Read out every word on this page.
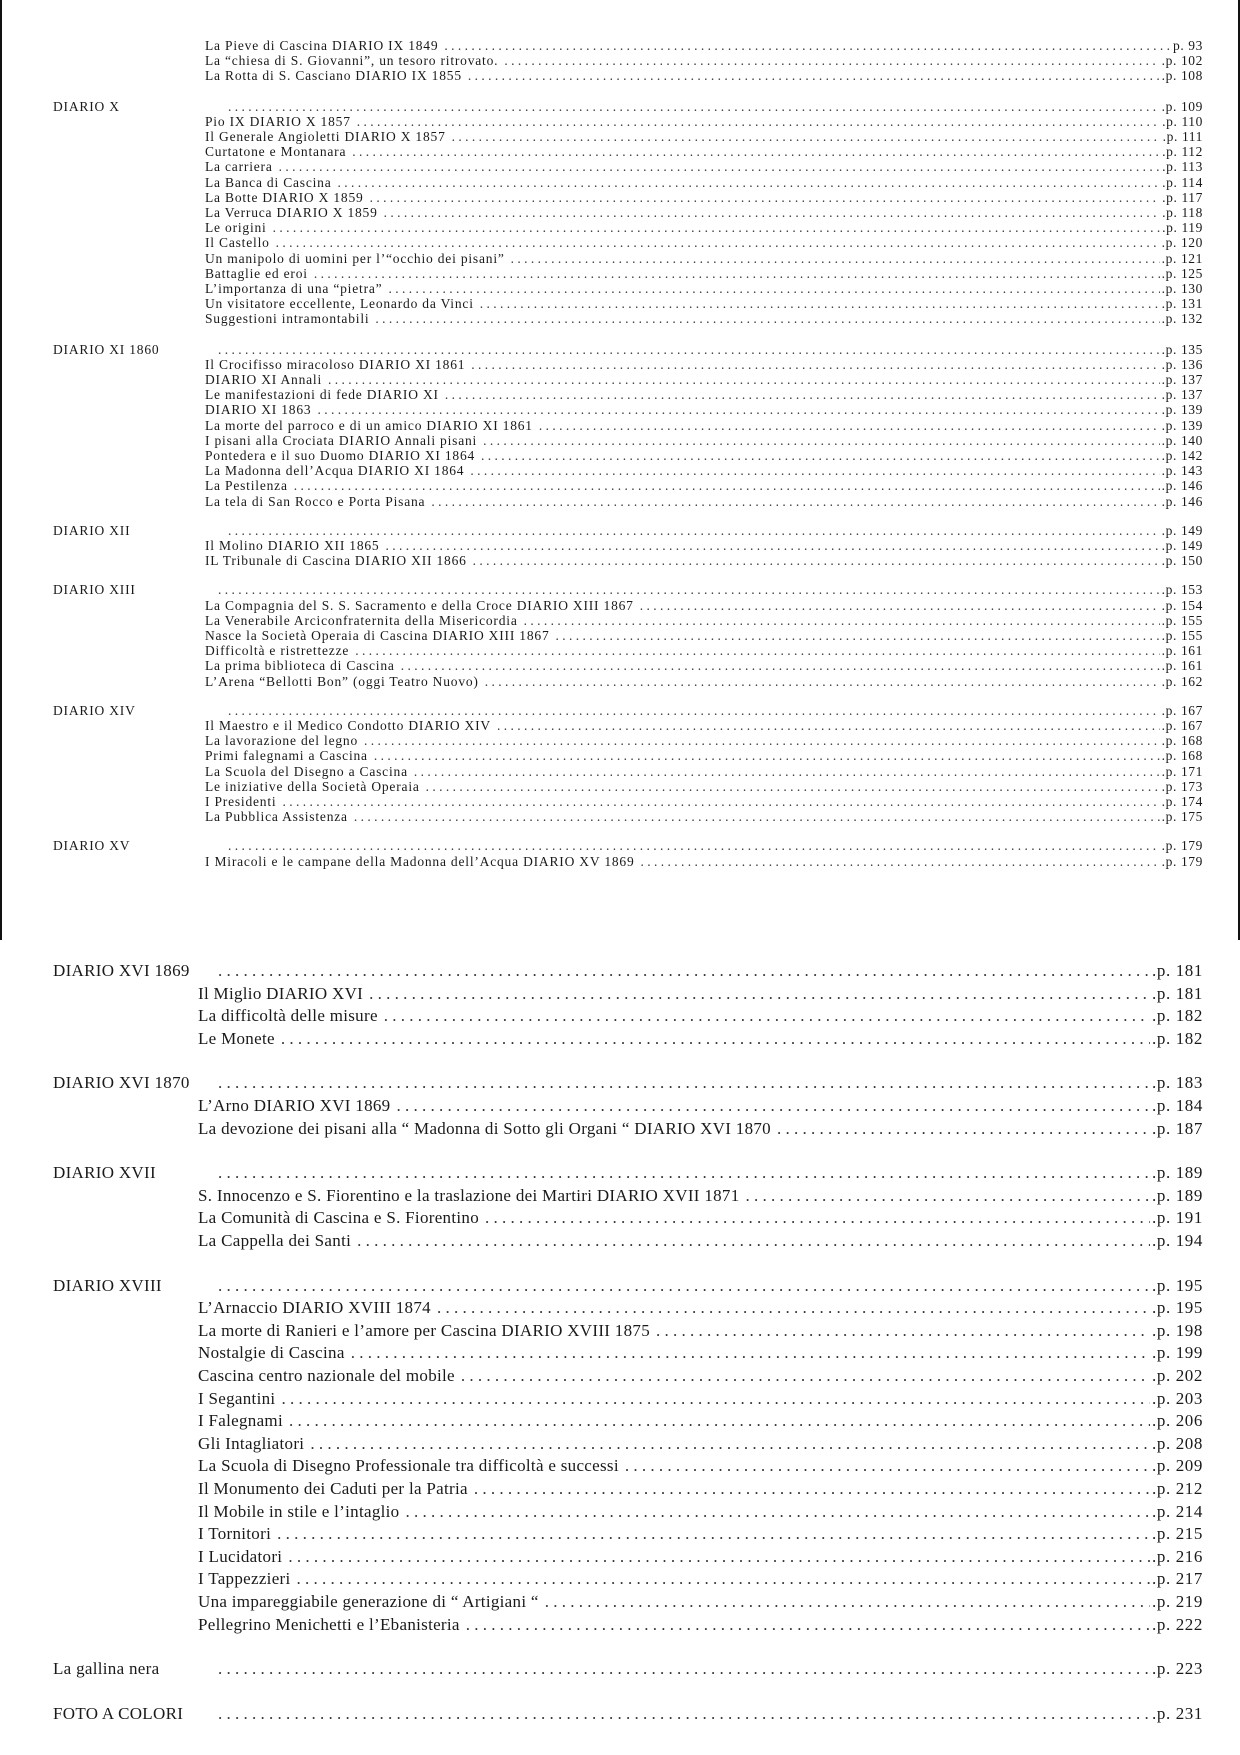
La Pieve di Cascina DIARIO IX 1849 . . .	p. 93
La “chiesa di S. Giovanni”, un tesoro ritrovato. . . .	.p. 102
La Rotta di S. Casciano DIARIO IX 1855 . . .	.p. 108
DIARIO X . . .	.p. 109
Pio IX DIARIO X 1857 . . .	.p. 110
Il Generale Angioletti DIARIO X 1857 . . .	.p. 111
Curtatone e Montanara . . .	.p. 112
La carriera . . .	.p. 113
La Banca di Cascina . . .	.p. 114
La Botte DIARIO X 1859 . . .	.p. 117
La Verruca DIARIO X 1859 . . .	.p. 118
Le origini . . .	.p. 119
Il Castello . . .	.p. 120
Un manipolo di uomini per l’“occhio dei pisani” . . .	.p. 121
Battaglie ed eroi . . .	.p. 125
L’importanza di una “pietra” . . .	.p. 130
Un visitatore eccellente, Leonardo da Vinci . . .	.p. 131
Suggestioni intramontabili . . .	.p. 132
DIARIO XI 1860 . . .	.p. 135
Il Crocifisso miracoloso DIARIO XI 1861 . . .	.p. 136
DIARIO XI Annali . . .	.p. 137
Le manifestazioni di fede DIARIO XI . . .	.p. 137
DIARIO XI 1863 . . .	.p. 139
La morte del parroco e di un amico DIARIO XI 1861 . . .	.p. 139
I pisani alla Crociata DIARIO Annali pisani . . .	.p. 140
Pontedera e il suo Duomo DIARIO XI 1864 . . .	.p. 142
La Madonna dell’Acqua DIARIO XI 1864 . . .	.p. 143
La Pestilenza . . .	.p. 146
La tela di San Rocco e Porta Pisana . . .	.p. 146
DIARIO XII . . .	.p. 149
Il Molino DIARIO XII 1865 . . .	.p. 149
IL Tribunale di Cascina DIARIO XII 1866 . . .	.p. 150
DIARIO XIII . . .	.p. 153
La Compagnia del S. S. Sacramento e della Croce DIARIO XIII 1867 . . .	.p. 154
La Venerabile Arciconfraternita della Misericordia . . .	.p. 155
Nasce la Società Operaia di Cascina DIARIO XIII 1867 . . .	.p. 155
Difficoltà e ristrettezze . . .	.p. 161
La prima biblioteca di Cascina . . .	.p. 161
L’Arena “Bellotti Bon” (oggi Teatro Nuovo) . . .	.p. 162
DIARIO XIV . . .	.p. 167
Il Maestro e il Medico Condotto DIARIO XIV . . .	.p. 167
La lavorazione del legno . . .	.p. 168
Primi falegnami a Cascina . . .	.p. 168
La Scuola del Disegno a Cascina . . .	.p. 171
Le iniziative della Società Operaia . . .	.p. 173
I Presidenti . . .	.p. 174
La Pubblica Assistenza . . .	.p. 175
DIARIO XV . . .	.p. 179
I Miracoli e le campane della Madonna dell’Acqua DIARIO XV 1869 . . .	.p. 179
DIARIO XVI 1869 . . .	.p. 181
Il Miglio DIARIO XVI . . .	.p. 181
La difficoltà delle misure . . .	.p. 182
Le Monete . . .	.p. 182
DIARIO XVI 1870 . . .	.p. 183
L’Arno DIARIO XVI 1869 . . .	.p. 184
La devozione dei pisani alla “ Madonna di Sotto gli Organi “ DIARIO XVI 1870 . . .	.p. 187
DIARIO XVII . . .	.p. 189
S. Innocenzo e S. Fiorentino e la traslazione dei Martiri DIARIO XVII 1871 . . .	.p. 189
La Comunità di Cascina e S. Fiorentino . . .	.p. 191
La Cappella dei Santi . . .	.p. 194
DIARIO XVIII . . .	.p. 195
L’Arnaccio DIARIO XVIII 1874 . . .	.p. 195
La morte di Ranieri e l’amore per Cascina DIARIO XVIII 1875 . . .	.p. 198
Nostalgie di Cascina . . .	.p. 199
Cascina centro nazionale del mobile . . .	.p. 202
I Segantini . . .	.p. 203
I Falegnami . . .	.p. 206
Gli Intagliatori . . .	.p. 208
La Scuola di Disegno Professionale tra difficoltà e successi . . .	.p. 209
Il Monumento dei Caduti per la Patria . . .	.p. 212
Il Mobile in stile e l’intaglio . . .	.p. 214
I Tornitori . . .	.p. 215
I Lucidatori . . .	.p. 216
I Tappezzieri . . .	.p. 217
Una impareggiabile generazione di “ Artigiani “ . . .	.p. 219
Pellegrino Menichetti e l’Ebanisteria . . .	.p. 222
La gallina nera . . .	.p. 223
FOTO A COLORI . . .	.p. 231
